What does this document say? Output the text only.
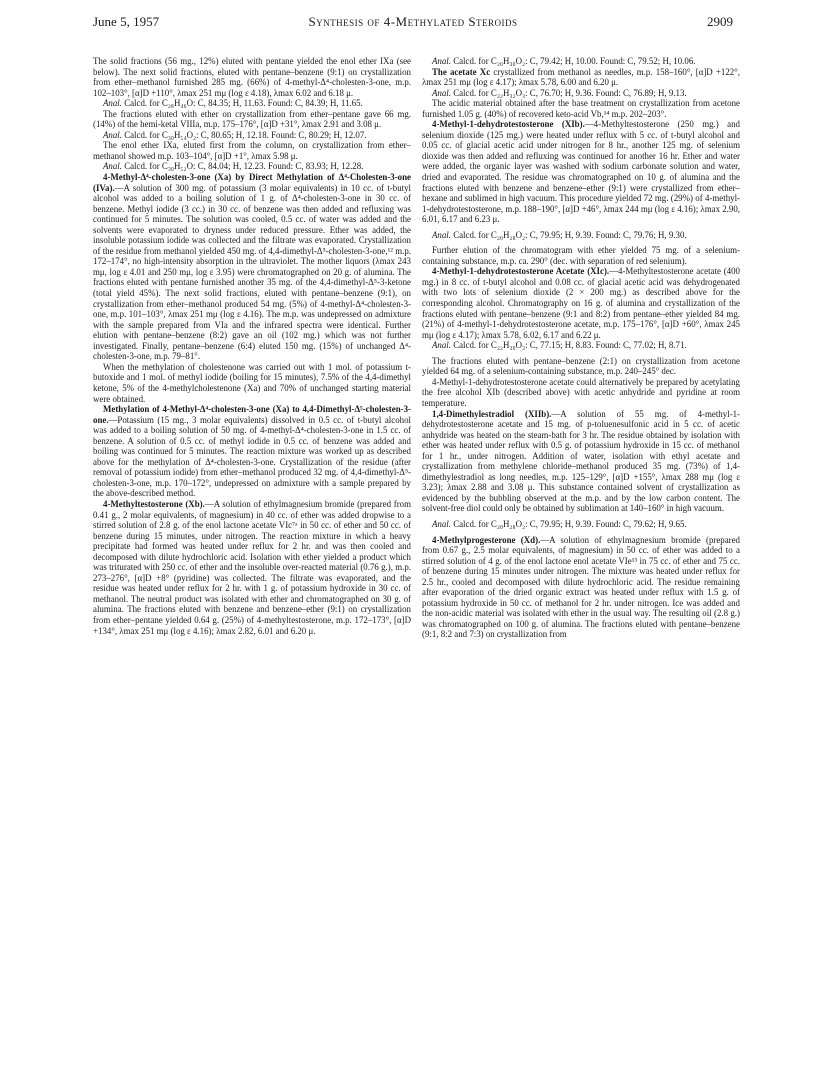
June 5, 1957	Synthesis of 4-Methylated Steroids	2909

The solid fractions (56 mg., 12%) eluted with pentane yielded the enol ether IXa (see below). The next solid fractions, eluted with pentane–benzene (9:1) on crystallization from ether–methanol furnished 285 mg. (66%) of 4-methyl-Δ⁴-cholesten-3-one, m.p. 102–103°, [α]D +110°, λmax 251 mμ (log ε 4.18), λmax 6.02 and 6.18 μ.

Anal. Calcd. for C₂₈H₄₆O: C, 84.35; H, 11.63. Found: C, 84.39; H, 11.65.

The fractions eluted with ether on crystallization from ether–pentane gave 66 mg. (14%) of the hemi-ketal VIIIa, m.p. 175–176°, [α]D +31°, λmax 2.91 and 3.08 μ.

Anal. Calcd. for C₃₀H₅₄O₂: C, 80.65; H, 12.18. Found: C, 80.29; H, 12.07.

The enol ether IXa, eluted first from the column, on crystallization from ether–methanol showed m.p. 103–104°, [α]D +1°, λmax 5.98 μ.

Anal. Calcd. for C₃₀H₅₂O: C, 84.04; H, 12.23. Found: C, 83.93; H, 12.28.

4-Methyl-Δ⁴-cholesten-3-one (Xa) by Direct Methylation of Δ⁴-Cholesten-3-one (IVa).—A solution of 300 mg. of potassium (3 molar equivalents) in 10 cc. of t-butyl alcohol was added to a boiling solution of 1 g. of Δ⁴-cholesten-3-one in 30 cc. of benzene. Methyl iodide (3 cc.) in 30 cc. of benzene was then added and refluxing was continued for 5 minutes. The solution was cooled, 0.5 cc. of water was added and the solvents were evaporated to dryness under reduced pressure. Ether was added, the insoluble potassium iodide was collected and the filtrate was evaporated. Crystallization of the residue from methanol yielded 450 mg. of 4,4-dimethyl-Δ⁵-cholesten-3-one,¹² m.p. 172–174°, no high-intensity absorption in the ultraviolet. The mother liquors (λmax 243 mμ, log ε 4.01 and 250 mμ, log ε 3.95) were chromatographed on 20 g. of alumina. The fractions eluted with pentane furnished another 35 mg. of the 4,4-dimethyl-Δ⁵-3-ketone (total yield 45%). The next solid fractions, eluted with pentane–benzene (9:1), on crystallization from ether–methanol produced 54 mg. (5%) of 4-methyl-Δ⁴-cholesten-3-one, m.p. 101–103°, λmax 251 mμ (log ε 4.16). The m.p. was undepressed on admixture with the sample prepared from VIa and the infrared spectra were identical. Further elution with pentane–benzene (8:2) gave an oil (102 mg.) which was not further investigated. Finally, pentane–benzene (6:4) eluted 150 mg. (15%) of unchanged Δ⁴-cholesten-3-one, m.p. 79–81°.

When the methylation of cholestenone was carried out with 1 mol. of potassium t-butoxide and 1 mol. of methyl iodide (boiling for 15 minutes), 7.5% of the 4,4-dimethyl ketone, 5% of the 4-methylcholestenone (Xa) and 70% of unchanged starting material were obtained.

Methylation of 4-Methyl-Δ⁴-cholesten-3-one (Xa) to 4,4-Dimethyl-Δ⁵-cholesten-3-one.—Potassium (15 mg., 3 molar equivalents) dissolved in 0.5 cc. of t-butyl alcohol was added to a boiling solution of 50 mg. of 4-methyl-Δ⁴-cholesten-3-one in 1.5 cc. of benzene. A solution of 0.5 cc. of methyl iodide in 0.5 cc. of benzene was added and boiling was continued for 5 minutes. The reaction mixture was worked up as described above for the methylation of Δ⁴-cholesten-3-one. Crystallization of the residue (after removal of potassium iodide) from ether–methanol produced 32 mg. of 4,4-dimethyl-Δ⁵-cholesten-3-one, m.p. 170–172°, undepressed on admixture with a sample prepared by the above-described method.

4-Methyltestosterone (Xb).—A solution of ethylmagnesium bromide (prepared from 0.41 g., 2 molar equivalents, of magnesium) in 40 cc. of ether was added dropwise to a stirred solution of 2.8 g. of the enol lactone acetate VIc⁷ᵃ in 50 cc. of ether and 50 cc. of benzene during 15 minutes, under nitrogen. The reaction mixture in which a heavy precipitate had formed was heated under reflux for 2 hr. and was then cooled and decomposed with dilute hydrochloric acid. Isolation with ether yielded a product which was triturated with 250 cc. of ether and the insoluble over-reacted material (0.76 g.), m.p. 273–276°, [α]D +8° (pyridine) was collected. The filtrate was evaporated, and the residue was heated under reflux for 2 hr. with 1 g. of potassium hydroxide in 30 cc. of methanol. The neutral product was isolated with ether and chromatographed on 30 g. of alumina. The fractions eluted with benzene and benzene–ether (9:1) on crystallization from ether–pentane yielded 0.64 g. (25%) of 4-methyltestosterone, m.p. 172–173°, [α]D +134°, λmax 251 mμ (log ε 4.16); λmax 2.82, 6.01 and 6.20 μ.

Anal. Calcd. for C₂₀H₃₀O₂: C, 79.42; H, 10.00. Found: C, 79.52; H, 10.06.

The acetate Xc crystallized from methanol as needles, m.p. 158–160°, [α]D +122°, λmax 251 mμ (log ε 4.17); λmax 5.78, 6.00 and 6.20 μ.

Anal. Calcd. for C₂₂H₃₂O₃: C, 76.70; H, 9.36. Found: C, 76.89; H, 9.13.

The acidic material obtained after the base treatment on crystallization from acetone furnished 1.05 g. (40%) of recovered keto-acid Vb,¹⁴ m.p. 202–203°.

4-Methyl-1-dehydrotestosterone (XIb).—4-Methyltestosterone (250 mg.) and selenium dioxide (125 mg.) were heated under reflux with 5 cc. of t-butyl alcohol and 0.05 cc. of glacial acetic acid under nitrogen for 8 hr., another 125 mg. of selenium dioxide was then added and refluxing was continued for another 16 hr. Ether and water were added, the organic layer was washed with sodium carbonate solution and water, dried and evaporated. The residue was chromatographed on 10 g. of alumina and the fractions eluted with benzene and benzene–ether (9:1) were crystallized from ether–hexane and sublimed in high vacuum. This procedure yielded 72 mg. (29%) of 4-methyl-1-dehydrotestosterone, m.p. 188–190°, [α]D +46°, λmax 244 mμ (log ε 4.16); λmax 2.90, 6.01, 6.17 and 6.23 μ.

Anal. Calcd. for C₂₀H₂₈O₂: C, 79.95; H, 9.39. Found: C, 79.76; H, 9.30.

Further elution of the chromatogram with ether yielded 75 mg. of a selenium-containing substance, m.p. ca. 290° (dec. with separation of red selenium).

4-Methyl-1-dehydrotestosterone Acetate (XIc).—4-Methyltestosterone acetate (400 mg.) in 8 cc. of t-butyl alcohol and 0.08 cc. of glacial acetic acid was dehydrogenated with two lots of selenium dioxide (2 × 200 mg.) as described above for the corresponding alcohol. Chromatography on 16 g. of alumina and crystallization of the fractions eluted with pentane–benzene (9:1 and 8:2) from pentane–ether yielded 84 mg. (21%) of 4-methyl-1-dehydrotestosterone acetate, m.p. 175–176°, [α]D +60°, λmax 245 mμ (log ε 4.17); λmax 5.78, 6.02, 6.17 and 6.22 μ.

Anal. Calcd. for C₂₂H₃₀O₃: C, 77.15; H, 8.83. Found: C, 77.02; H, 8.71.

The fractions eluted with pentane–benzene (2:1) on crystallization from acetone yielded 64 mg. of a selenium-containing substance, m.p. 240–245° dec.

4-Methyl-1-dehydrotestosterone acetate could alternatively be prepared by acetylating the free alcohol XIb (described above) with acetic anhydride and pyridine at room temperature.

1,4-Dimethylestradiol (XIIb).—A solution of 55 mg. of 4-methyl-1-dehydrotestosterone acetate and 15 mg. of p-toluenesulfonic acid in 5 cc. of acetic anhydride was heated on the steam-bath for 3 hr. The residue obtained by isolation with ether was heated under reflux with 0.5 g. of potassium hydroxide in 15 cc. of methanol for 1 hr., under nitrogen. Addition of water, isolation with ethyl acetate and crystallization from methylene chloride–methanol produced 35 mg. (73%) of 1,4-dimethylestradiol as long needles, m.p. 125–129°, [α]D +155°, λmax 288 mμ (log ε 3.23); λmax 2.88 and 3.08 μ. This substance contained solvent of crystallization as evidenced by the bubbling observed at the m.p. and by the low carbon content. The solvent-free diol could only be obtained by sublimation at 140–160° in high vacuum.

Anal. Calcd. for C₂₀H₂₈O₂: C, 79.95; H, 9.39. Found: C, 79.62; H, 9.65.

4-Methylprogesterone (Xd).—A solution of ethylmagnesium bromide (prepared from 0.67 g., 2.5 molar equivalents, of magnesium) in 50 cc. of ether was added to a stirred solution of 4 g. of the enol lactone enol acetate VIe¹³ in 75 cc. of ether and 75 cc. of benzene during 15 minutes under nitrogen. The mixture was heated under reflux for 2.5 hr., cooled and decomposed with dilute hydrochloric acid. The residue remaining after evaporation of the dried organic extract was heated under reflux with 1.5 g. of potassium hydroxide in 50 cc. of methanol for 2 hr. under nitrogen. Ice was added and the non-acidic material was isolated with ether in the usual way. The resulting oil (2.8 g.) was chromatographed on 100 g. of alumina. The fractions eluted with pentane–benzene (9:1, 8:2 and 7:3) on crystallization from
